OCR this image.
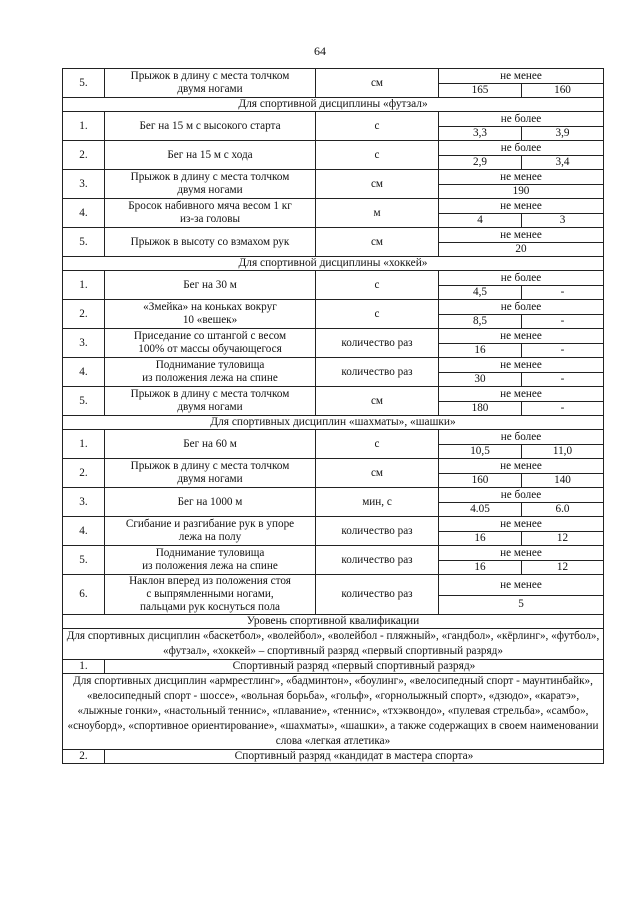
64
5.	Прыжок в длину с места толчком
двумя ногами	см	не менее	
			165	160
Для спортивной дисциплины «футзал»				
1.	Бег на 15 м с высокого старта	с	не более	
			3,3	3,9
2.	Бег на 15 м с хода	с	не более	
			2,9	3,4
3.	Прыжок в длину с места толчком
двумя ногами	см	не менее	
			190	
4.	Бросок набивного мяча весом 1 кг
из-за головы	м	не менее	
			4	3
5.	Прыжок в высоту со взмахом рук	см	не менее	
			20	
Для спортивной дисциплины «хоккей»				
1.	Бег на 30 м	с	не более	
			4,5	-
2.	«Змейка» на коньках вокруг
10 «вешек»	с	не более	
			8,5	-
3.	Приседание со штангой с весом
100% от массы обучающегося	количество раз	не менее	
			16	-
4.	Поднимание туловища
из положения лежа на спине	количество раз	не менее	
			30	-
5.	Прыжок в длину с места толчком
двумя ногами	см	не менее	
			180	-
Для спортивных дисциплин «шахматы», «шашки»				
1.	Бег на 60 м	с	не более	
			10,5	11,0
2.	Прыжок в длину с места толчком
двумя ногами	см	не менее	
			160	140
3.	Бег на 1000 м	мин, с	не более	
			4.05	6.0
4.	Сгибание и разгибание рук в упоре
лежа на полу	количество раз	не менее	
			16	12
5.	Поднимание туловища
из положения лежа на спине	количество раз	не менее	
			16	12
6.	Наклон вперед из положения стоя
с выпрямленными ногами,
пальцами рук коснуться пола	количество раз	не менее	
			5	
Уровень спортивной квалификации				
Для спортивных дисциплин «баскетбол», «волейбол», «волейбол - пляжный», «гандбол», «кёрлинг», «футбол», «футзал», «хоккей» – спортивный разряд «первый спортивный разряд»				
1.	Спортивный разряд «первый спортивный разряд»			
Для спортивных дисциплин «армрестлинг», «бадминтон», «боулинг», «велосипедный спорт - маунтинбайк», «велосипедный спорт - шоссе», «вольная борьба», «гольф», «горнолыжный спорт», «дзюдо», «каратэ», «лыжные гонки», «настольный теннис», «плавание», «теннис», «тхэквондо», «пулевая стрельба», «самбо», «сноуборд», «спортивное ориентирование», «шахматы», «шашки», а также содержащих в своем наименовании слова «легкая атлетика»				
2.	Спортивный разряд «кандидат в мастера спорта»			
